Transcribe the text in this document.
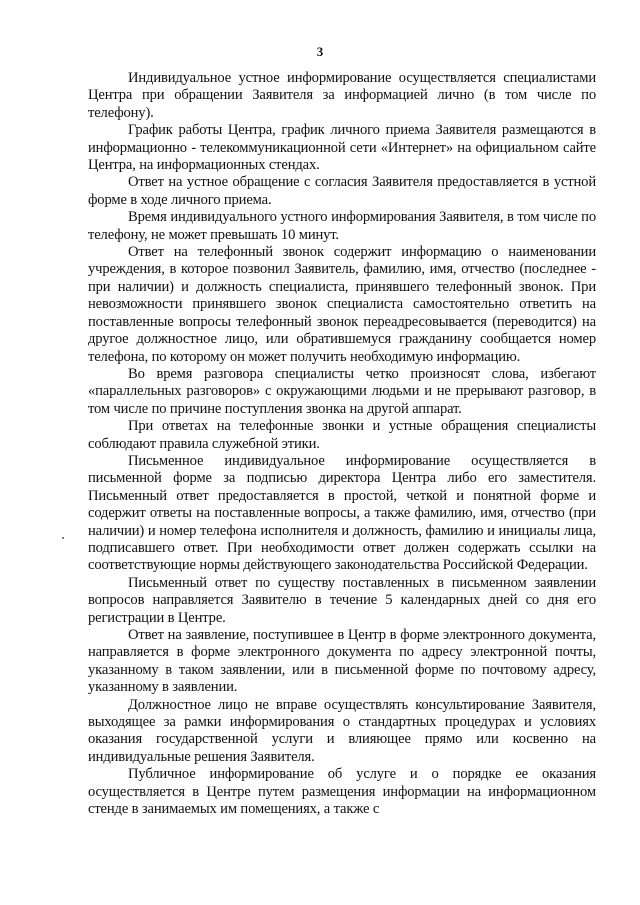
3

Индивидуальное устное информирование осуществляется специалистами Центра при обращении Заявителя за информацией лично (в том числе по телефону).

График работы Центра, график личного приема Заявителя размещаются в информационно - телекоммуникационной сети «Интернет» на официальном сайте Центра, на информационных стендах.

Ответ на устное обращение с согласия Заявителя предоставляется в устной форме в ходе личного приема.

Время индивидуального устного информирования Заявителя, в том числе по телефону, не может превышать 10 минут.

Ответ на телефонный звонок содержит информацию о наименовании учреждения, в которое позвонил Заявитель, фамилию, имя, отчество (последнее - при наличии) и должность специалиста, принявшего телефонный звонок. При невозможности принявшего звонок специалиста самостоятельно ответить на поставленные вопросы телефонный звонок переадресовывается (переводится) на другое должностное лицо, или обратившемуся гражданину сообщается номер телефона, по которому он может получить необходимую информацию.

Во время разговора специалисты четко произносят слова, избегают «параллельных разговоров» с окружающими людьми и не прерывают разговор, в том числе по причине поступления звонка на другой аппарат.

При ответах на телефонные звонки и устные обращения специалисты соблюдают правила служебной этики.

Письменное индивидуальное информирование осуществляется в письменной форме за подписью директора Центра либо его заместителя. Письменный ответ предоставляется в простой, четкой и понятной форме и содержит ответы на поставленные вопросы, а также фамилию, имя, отчество (при наличии) и номер телефона исполнителя и должность, фамилию и инициалы лица, подписавшего ответ. При необходимости ответ должен содержать ссылки на соответствующие нормы действующего законодательства Российской Федерации.

Письменный ответ по существу поставленных в письменном заявлении вопросов направляется Заявителю в течение 5 календарных дней со дня его регистрации в Центре.

Ответ на заявление, поступившее в Центр в форме электронного документа, направляется в форме электронного документа по адресу электронной почты, указанному в таком заявлении, или в письменной форме по почтовому адресу, указанному в заявлении.

Должностное лицо не вправе осуществлять консультирование Заявителя, выходящее за рамки информирования о стандартных процедурах и условиях оказания государственной услуги и влияющее прямо или косвенно на индивидуальные решения Заявителя.

Публичное информирование об услуге и о порядке ее оказания осуществляется в Центре путем размещения информации на информационном стенде в занимаемых им помещениях, а также с
